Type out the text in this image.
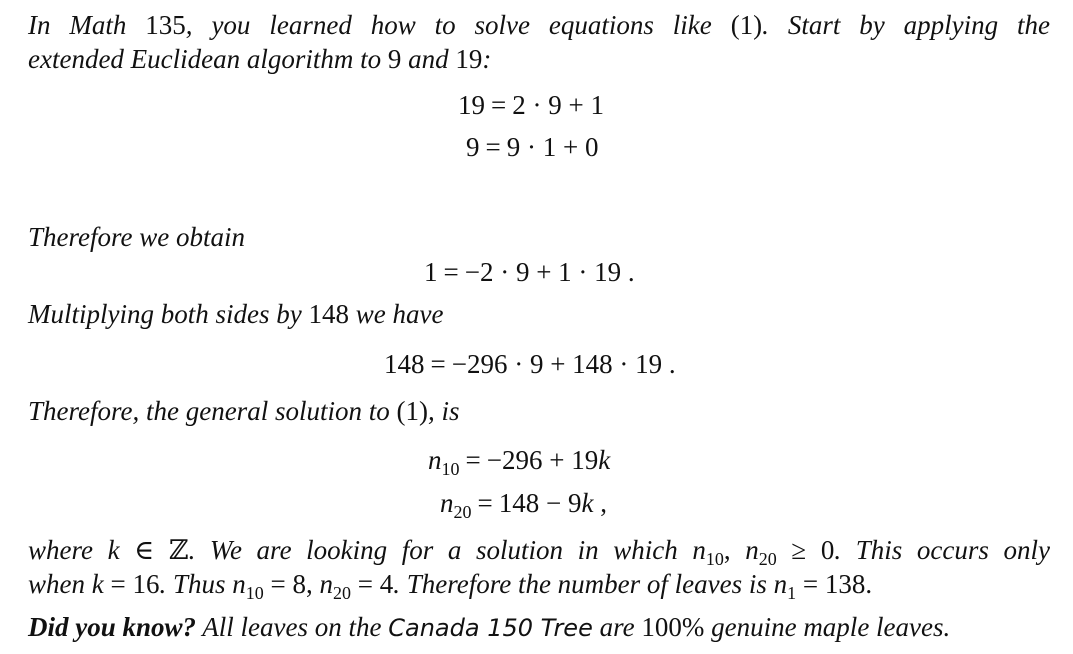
In Math 135, you learned how to solve equations like (1). Start by applying the
extended Euclidean algorithm to 9 and 19:
19 = 2 · 9 + 1
9 = 9 · 1 + 0
Therefore we obtain
1 = −2 · 9 + 1 · 19 .
Multiplying both sides by 148 we have
148 = −296 · 9 + 148 · 19 .
Therefore, the general solution to (1), is
$n_{10} = -296 + 19k$
$n_{20} = 148 - 9k$ ,
where k ∈ ℤ. We are looking for a solution in which $n_{10}$, $n_{20} \ge 0$. This occurs only
when k = 16. Thus $n_{10} = 8$, $n_{20} = 4$. Therefore the number of leaves is $n_1 = 138$.
Did you know? All leaves on the Canada 150 Tree are 100% genuine maple leaves.
